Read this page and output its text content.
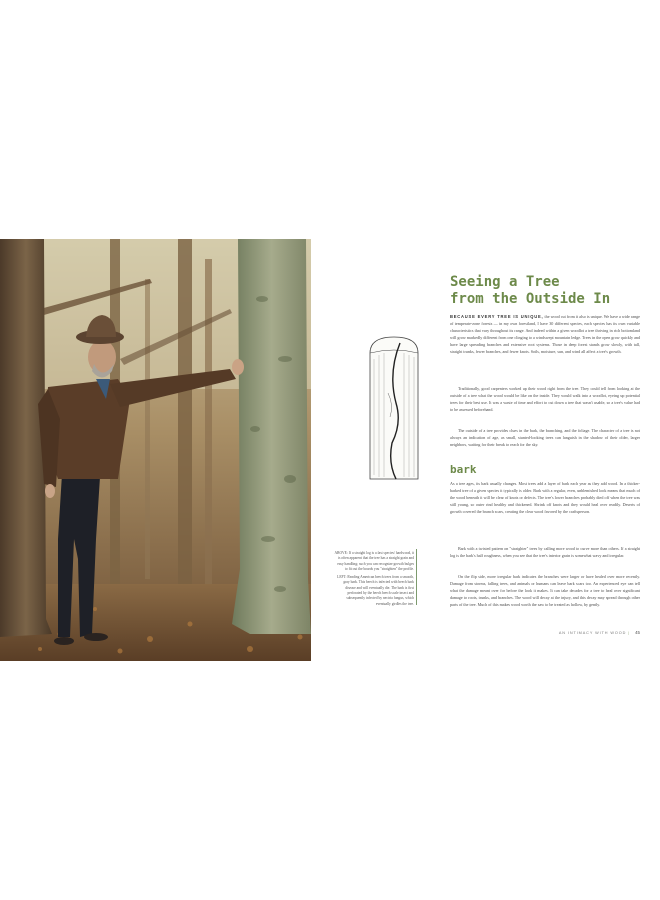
ABOVE: If a straight log is a fast species/ hardwood, it is often apparent that the tree has a straight grain and easy handling; such you can recognize growth bulges to fit out the boards you "straighten" the profile.

LEFT: Reading American beech trees from a smooth, gray bark. This beech is infected with beech bark disease and will eventually die. The bark is first perforated by the beech beech scale insect and subsequently infected by nectria fungus, which eventually girdles the tree.

Seeing a Tree
from the Outside In

BECAUSE EVERY TREE IS UNIQUE, the wood cut from it also is unique. We have a wide range of temperate-zone forests — in my own forestland, I have 30 different species, each species has its own variable characteristics that vary throughout its range. And indeed within a given woodlot a tree thriving in rich bottomland will grow markedly different from one clinging to a windswept mountain ledge. Trees in the open grow quickly and have large spreading branches and extensive root systems. Those in deep forest stands grow slowly, with tall, straight trunks, fewer branches, and fewer knots. Soils, moisture, sun, and wind all affect a tree's growth.

Traditionally, good carpenters worked up their wood right from the tree. They could tell from looking at the outside of a tree what the wood would be like on the inside. They would walk into a woodlot, eyeing up potential trees for their best use. It was a waste of time and effort to cut down a tree that wasn't usable, so a tree's value had to be assessed beforehand.

The outside of a tree provides clues in the bark, the branching, and the foliage. The character of a tree is not always an indication of age, as small, stunted-looking trees can languish in the shadow of their older, larger neighbors, waiting for their break to reach for the sky.

bark

As a tree ages, its bark usually changes. Most trees add a layer of bark each year as they add wood. In a thicker-barked tree of a given species it typically is older. Bark with a regular, even, unblemished look means that much of the wood beneath it will be clear of knots or defects. The tree's lower branches probably died off when the tree was still young, so outer rind healthy and thickened. Shrink off knots and they would heal over readily. Deserts of growth covered the branch scars, creating the clear wood favored by the craftsperson.

Bark with a twisted pattern on "straighter" trees by calling more wood to curve more than others. If a straight log is the bark's half roughness, when you see that the tree's interior grain is somewhat wavy and irregular.

On the flip side, more irregular bark indicates the branches were larger or have healed over more recently. Damage from storms, falling trees, and animals or humans can leave bark scars too. An experienced eye can tell what the damage meant over for before the look it makes. It can take decades for a tree to heal over significant damage to roots, trunks, and branches. The wood will decay at the injury, and this decay may spread through other parts of the tree. Much of this makes wood worth the saw to be treated as hollow, by gently.

AN INTIMACY WITH WOOD | 45
